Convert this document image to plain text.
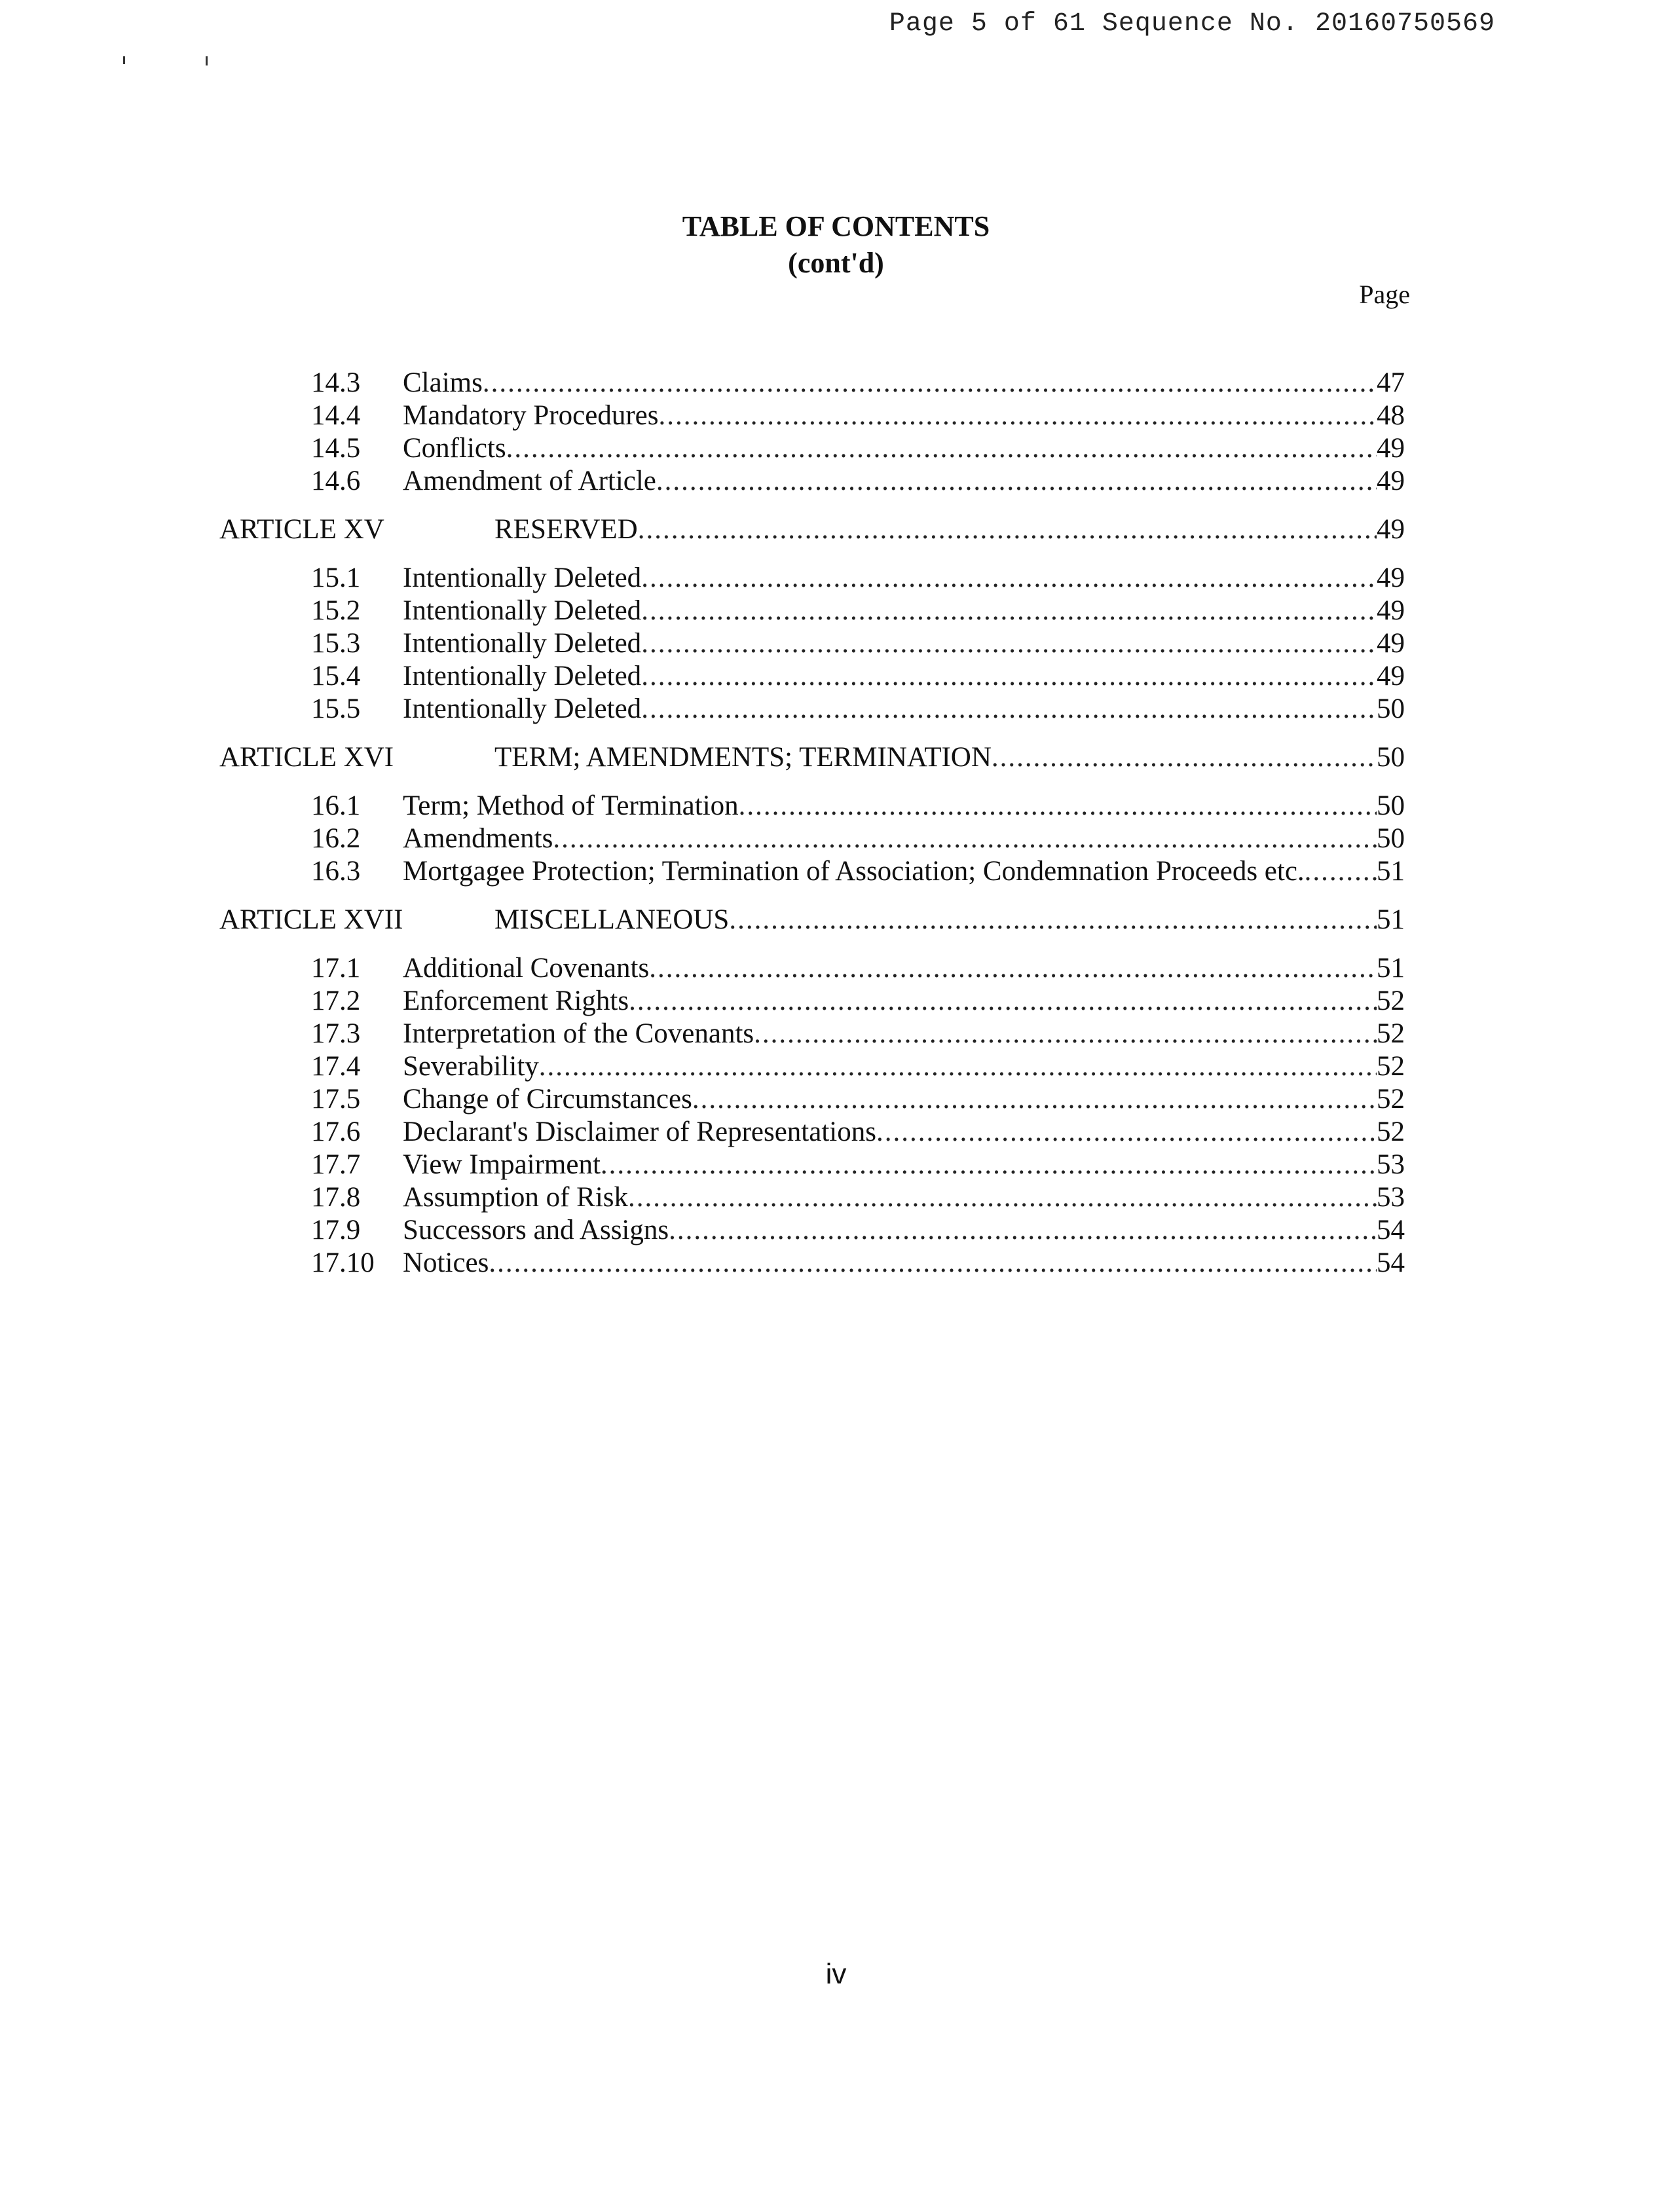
Page 5 of 61 Sequence No. 20160750569
TABLE OF CONTENTS
(cont'd)
Page
14.3 Claims .....	47
14.4 Mandatory Procedures .....	48
14.5 Conflicts .....	49
14.6 Amendment of Article .....	49
ARTICLE XV	RESERVED .....	49
15.1 Intentionally Deleted .....	49
15.2 Intentionally Deleted .....	49
15.3 Intentionally Deleted .....	49
15.4 Intentionally Deleted .....	49
15.5 Intentionally Deleted .....	50
ARTICLE XVI	TERM; AMENDMENTS; TERMINATION .....	50
16.1 Term; Method of Termination .....	50
16.2 Amendments .....	50
16.3 Mortgagee Protection; Termination of Association; Condemnation Proceeds etc. .....	51
ARTICLE XVII	MISCELLANEOUS .....	51
17.1 Additional Covenants .....	51
17.2 Enforcement Rights .....	52
17.3 Interpretation of the Covenants .....	52
17.4 Severability .....	52
17.5 Change of Circumstances .....	52
17.6 Declarant's Disclaimer of Representations .....	52
17.7 View Impairment .....	53
17.8 Assumption of Risk .....	53
17.9 Successors and Assigns .....	54
17.10 Notices .....	54
iv
